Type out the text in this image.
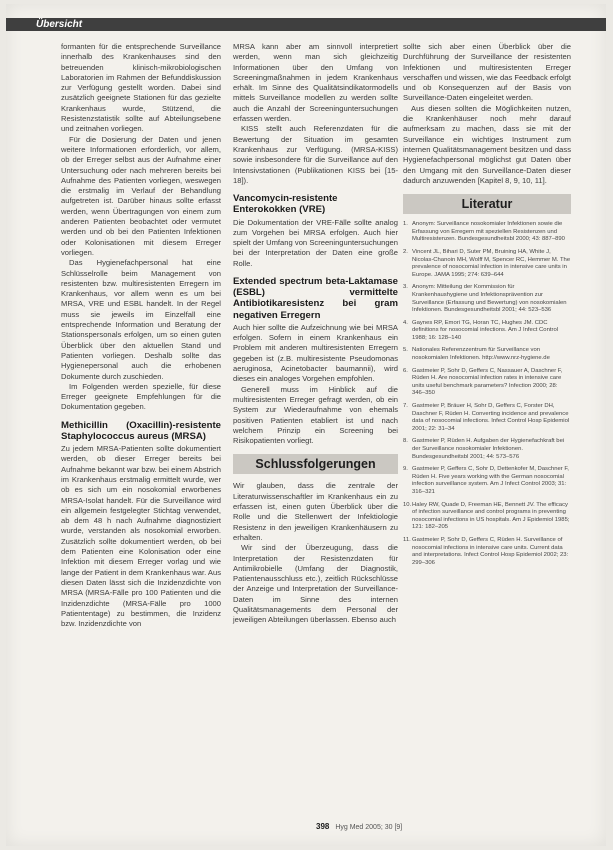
Übersicht

formanten für die entsprechende Surveillance innerhalb des Krankenhauses sind den betreuenden klinisch-mikrobiologischen Laboratorien im Rahmen der Befunddiskussion zur Verfügung gestellt worden. Dabei sind zusätzlich geeignete Stationen für das gezielte Krankenhaus wurde, Stützend, die Resistenzstatistik sollte auf Abteilungsebene und zeitnahen vorliegen.

Für die Dosierung der Daten und jenen weitere Informationen erforderlich, vor allem, ob der Erreger selbst aus der Aufnahme einer Untersuchung oder nach mehreren bereits bei Aufnahme des Patienten vorliegen, weswegen die erstmalig im Verlauf der Behandlung aufgetreten ist. Darüber hinaus sollte erfasst werden, wenn Übertragungen von einem zum anderen Patienten beobachtet oder vermutet werden und ob bei den Patienten Infektionen oder Kolonisationen mit diesem Erreger vorliegen.

Das Hygienefachpersonal hat eine Schlüsselrolle beim Management von resistenten bzw. multiresistenten Erregern im Krankenhaus, vor allem wenn es um bei MRSA, VRE und ESBL handelt. In der Regel muss sie jeweils im Einzelfall eine entsprechende Information und Beratung der Stationspersonals erfolgen, um so einen guten Überblick über den aktuellen Stand und Patienten vorliegen. Deshalb sollte das Hygienepersonal auch die erhobenen Dokumente durch zuschieden.

Im Folgenden werden spezielle, für diese Erreger geeignete Empfehlungen für die Dokumentation gegeben.

Methicillin (Oxacillin)-resistente Staphylococcus aureus (MRSA)

Zu jedem MRSA-Patienten sollte dokumentiert werden, ob dieser Erreger bereits bei Aufnahme bekannt war bzw. bei einem Abstrich im Krankenhaus erstmalig ermittelt wurde, wer ob es sich um ein nosokomial erworbenes MRSA-Isolat handelt. Für die Surveillance wird ein allgemein festgelegter Stichtag verwendet, ab dem 48 h nach Aufnahme diagnostiziert wurde, verstanden als nosokomial erworben. Zusätzlich sollte dokumentiert werden, ob bei dem Patienten eine Kolonisation oder eine Infektion mit diesem Erreger vorlag und wie lange der Patient in dem Krankenhaus war. Aus diesen Daten lässt sich die Inzidenzdichte von MRSA (MRSA-Fälle pro 100 Patienten und die Inzidenzdichte (MRSA-Fälle pro 1000 Patiententage) zu bestimmen, die Inzidenz bzw. Inzidenzdichte von

MRSA kann aber am sinnvoll interpretiert werden, wenn man sich gleichzeitig Informationen über den Umfang von Screeningmaßnahmen in jedem Krankenhaus erhält. Im Sinne des Qualitätsindikatormodells mittels Surveillance modellen zu werden sollte auch die Anzahl der Screeninguntersuchungen erfassen werden.

KISS stellt auch Referenzdaten für die Bewertung der Situation im gesamten Krankenhaus zur Verfügung. (MRSA-KISS) sowie insbesondere für die Surveillance auf den Intensivstationen (Publikationen KISS bei [15-18]).

Vancomycin-resistente Enterokokken (VRE)

Die Dokumentation der VRE-Fälle sollte analog zum Vorgehen bei MRSA erfolgen. Auch hier spielt der Umfang von Screeninguntersuchungen bei der Interpretation der Daten eine große Rolle.

Extended spectrum beta-Laktamase (ESBL) vermittelte Antibiotikaresistenz bei gram negativen Erregern

Auch hier sollte die Aufzeichnung wie bei MRSA erfolgen. Sofern in einem Krankenhaus ein Problem mit anderen multiresistenten Erregern gegeben ist (z.B. multiresistente Pseudomonas aeruginosa, Acinetobacter baumannii), wird dieses ein analoges Vorgehen empfohlen.

Generell muss im Hinblick auf die multiresistenten Erreger gefragt werden, ob ein System zur Wiederaufnahme von ehemals positiven Patienten etabliert ist und nach welchem Prinzip ein Screening bei Risikopatienten vorliegt.

Schlussfolgerungen

Wir glauben, dass die zentrale der Literaturwissenschaftler im Krankenhaus ein zu erfassen ist, einen guten Überblick über die Rolle und die Stellenwert der Infektiologie Resistenz in den jeweiligen Krankenhäusern zu erhalten.

Wir sind der Überzeugung, dass die Interpretation der Resistenzdaten für Antimikrobielle (Umfang der Diagnostik, Patientenausschluss etc.), zeitlich Rückschlüsse der Anzeige und Interpretation der Surveillance-Daten im Sinne des internen Qualitätsmanagements dem Personal der jeweiligen Abteilungen überlassen. Ebenso auch

sollte sich aber einen Überblick über die Durchführung der Surveillance der resistenten Infektionen und multiresistenten Erreger verschaffen und wissen, wie das Feedback erfolgt und ob Konsequenzen auf der Basis von Surveillance-Daten eingeleitet werden.

Aus diesen sollten die Möglichkeiten nutzen, die Krankenhäuser noch mehr darauf aufmerksam zu machen, dass sie mit der Surveillance ein wichtiges Instrument zum internen Qualitätsmanagement besitzen und dass Hygienefachpersonal möglichst gut Daten über den Umgang mit den Surveillance-Daten dieser dadurch anzuwenden [Kapitel 8, 9, 10, 11].

Literatur
1. Anonym: Surveillance nosokomialer Infektionen sowie die Erfassung von Erregern mit speziellen Resistenzen und Multiresistenzen. Bundesgesundheitsbl 2000; 43: 887–890
2. Vincent JL, Bihari D, Suter PM, Bruining HA, White J, Nicolas-Chanoin MH, Wolff M, Spencer RC, Hemmer M. The prevalence of nosocomial infection in intensive care units in Europe. JAMA 1995; 274: 639–644
3. Anonym: Mitteilung der Kommission für Krankenhaushygiene und Infektionsprävention zur Surveillance (Erfassung und Bewertung) von nosokomialen Infektionen. Bundesgesundheitsbl 2001; 44: 523–536
4. Gaynes RP, Emori TG, Horan TC, Hughes JM. CDC definitions for nosocomial infections. Am J Infect Control 1988; 16: 128–140
5. Nationales Referenzzentrum für Surveillance von nosokomialen Infektionen. http://www.nrz-hygiene.de
6. Gastmeier P, Sohr D, Geffers C, Nassauer A, Daschner F, Rüden H. Are nosocomial infection rates in intensive care units useful benchmark parameters? Infection 2000; 28: 346–350
7. Gastmeier P, Bräuer H, Sohr D, Geffers C, Forster DH, Daschner F, Rüden H. Converting incidence and prevalence data of nosocomial infections. Infect Control Hosp Epidemiol 2001; 22: 31–34
8. Gastmeier P, Rüden H. Aufgaben der Hygienefachkraft bei der Surveillance nosokomialer Infektionen. Bundesgesundheitsbl 2001; 44: 573–576
9. Gastmeier P, Geffers C, Sohr D, Dettenkofer M, Daschner F, Rüden H. Five years working with the German nosocomial infection surveillance system. Am J Infect Control 2003; 31: 316–321
10. Haley RW, Quade D, Freeman HE, Bennett JV. The efficacy of infection surveillance and control programs in preventing nosocomial infections in US hospitals. Am J Epidemiol 1985; 121: 182–205
11. Gastmeier P, Sohr D, Geffers C, Rüden H. Surveillance of nosocomial infections in intensive care units. Current data and interpretations. Infect Control Hosp Epidemiol 2002; 23: 299–306
398 Hyg Med 2005; 30 [9]
